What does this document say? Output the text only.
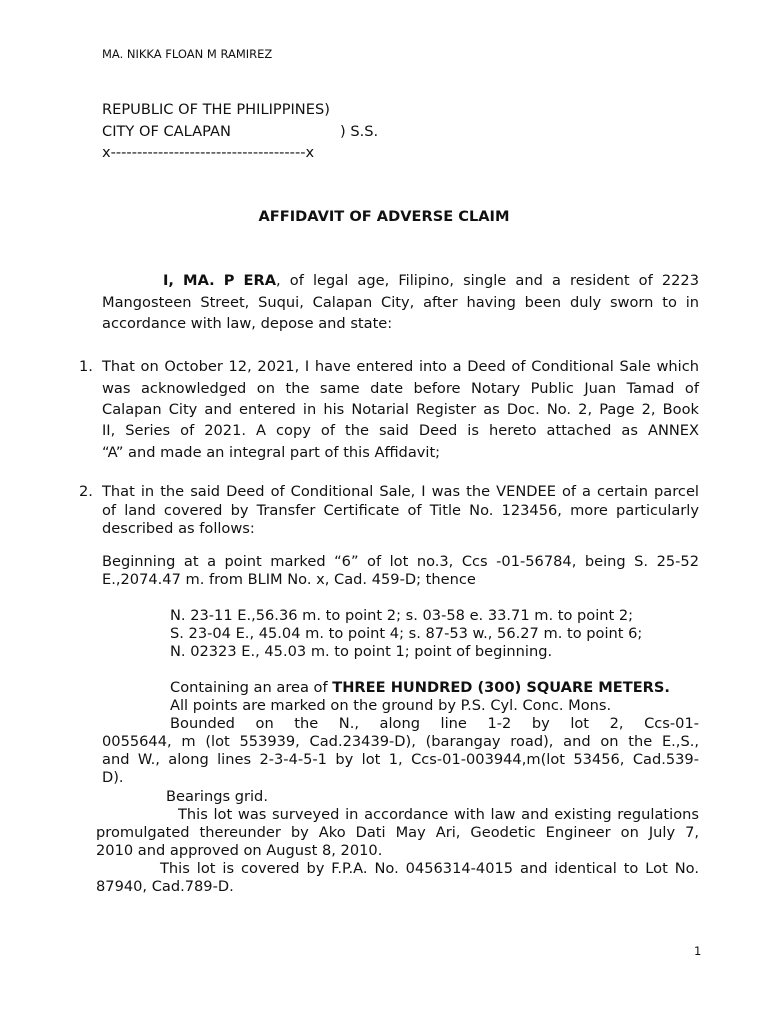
MA. NIKKA FLOAN M RAMIREZ
REPUBLIC OF THE PHILIPPINES)
CITY OF CALAPAN	) S.S.
x-------------------------------------x
AFFIDAVIT OF ADVERSE CLAIM
I, MA. P ERA , of legal age, Filipino, single and a resident of 2223
Mangosteen Street, Suqui, Calapan City, after having been duly sworn to in
accordance with law, depose and state:
1. That on October 12, 2021, I have entered into a Deed of Conditional Sale which
was acknowledged on the same date before Notary Public Juan Tamad of
Calapan City and entered in his Notarial Register as Doc. No. 2, Page 2, Book
II, Series of 2021. A copy of the said Deed is hereto attached as ANNEX
“A” and made an integral part of this Affidavit;
2. That in the said Deed of Conditional Sale, I was the VENDEE of a certain parcel
of land covered by Transfer Certificate of Title No. 123456, more particularly
described as follows:
Beginning at a point marked “6” of lot no.3, Ccs -01-56784, being S. 25-52
E.,2074.47 m. from BLIM No. x, Cad. 459-D; thence
N. 23-11 E.,56.36 m. to point 2; s. 03-58 e. 33.71 m. to point 2;
S. 23-04 E., 45.04 m. to point 4; s. 87-53 w., 56.27 m. to point 6;
N. 02323 E., 45.03 m. to point 1; point of beginning.
Containing an area of THREE HUNDRED (300) SQUARE METERS.
All points are marked on the ground by P.S. Cyl. Conc. Mons.
Bounded on the N., along line 1-2 by lot 2, Ccs-01-
0055644, m (lot 553939, Cad.23439-D), (barangay road), and on the E.,S.,
and W., along lines 2-3-4-5-1 by lot 1, Ccs-01-003944,m(lot 53456, Cad.539-
D).
Bearings grid.
This lot was surveyed in accordance with law and existing regulations
promulgated thereunder by Ako Dati May Ari, Geodetic Engineer on July 7,
2010 and approved on August 8, 2010.
This lot is covered by F.P.A. No. 0456314-4015 and identical to Lot No.
87940, Cad.789-D.
1
